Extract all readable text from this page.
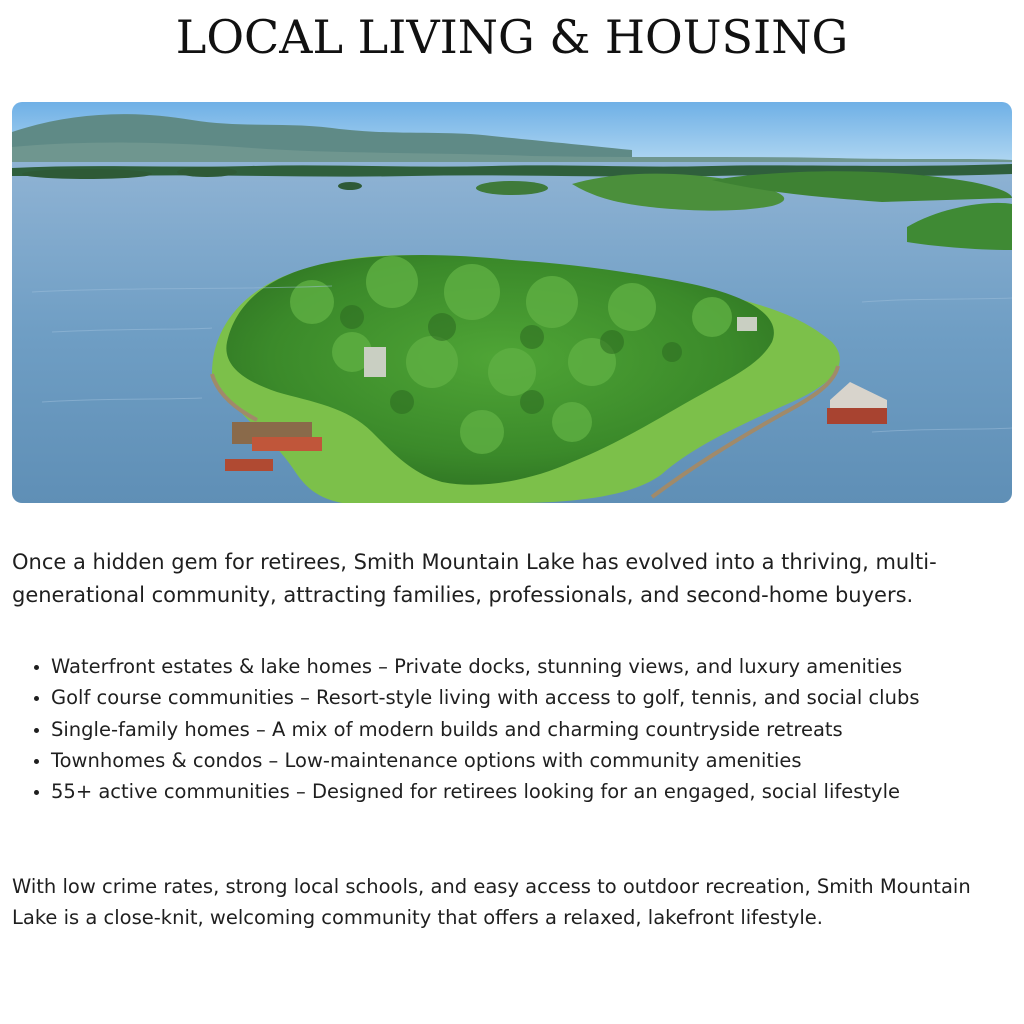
LOCAL LIVING & HOUSING

Once a hidden gem for retirees, Smith Mountain Lake has evolved into a thriving, multi-generational community, attracting families, professionals, and second-home buyers.

• Waterfront estates & lake homes – Private docks, stunning views, and luxury amenities
• Golf course communities – Resort-style living with access to golf, tennis, and social clubs
• Single-family homes – A mix of modern builds and charming countryside retreats
• Townhomes & condos – Low-maintenance options with community amenities
• 55+ active communities – Designed for retirees looking for an engaged, social lifestyle

With low crime rates, strong local schools, and easy access to outdoor recreation, Smith Mountain Lake is a close-knit, welcoming community that offers a relaxed, lakefront lifestyle.
